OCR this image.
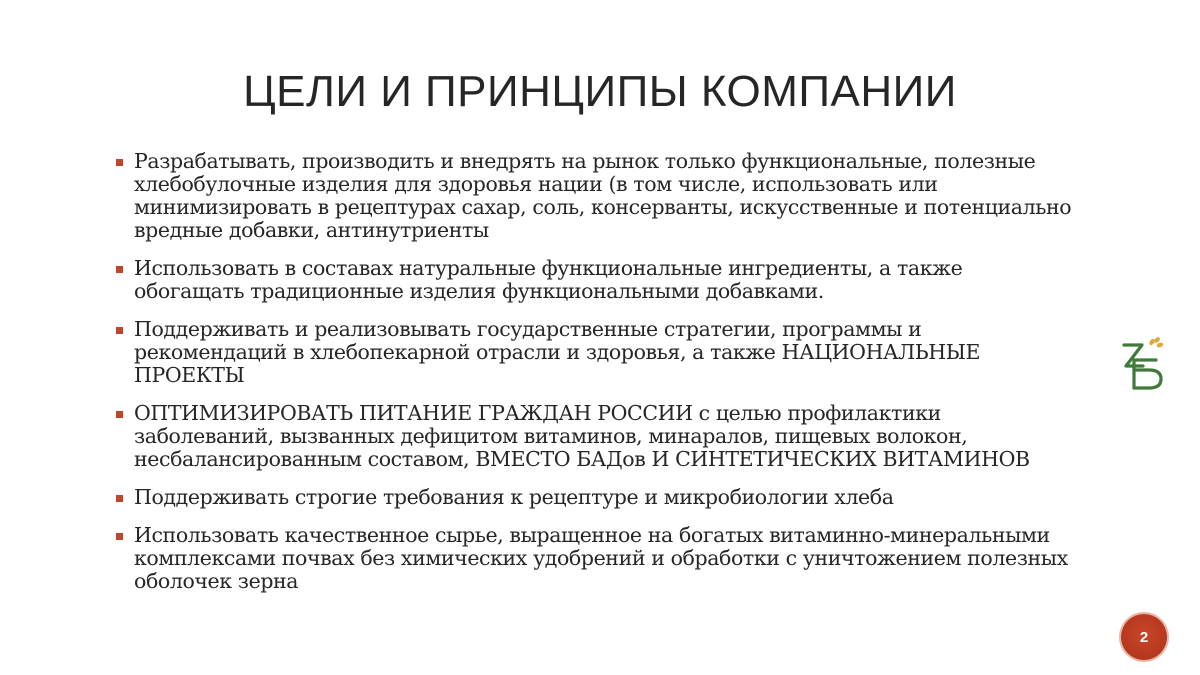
ЦЕЛИ И ПРИНЦИПЫ КОМПАНИИ
Разрабатывать, производить и внедрять на рынок только функциональные, полезные хлебобулочные изделия для здоровья нации (в том числе, использовать или минимизировать в рецептурах сахар, соль, консерванты, искусственные и потенциально вредные добавки, антинутриенты
Использовать в составах натуральные функциональные ингредиенты, а также обогащать традиционные изделия функциональными добавками.
Поддерживать и реализовывать государственные стратегии, программы и рекомендаций в хлебопекарной отрасли и здоровья, а также НАЦИОНАЛЬНЫЕ ПРОЕКТЫ
ОПТИМИЗИРОВАТЬ ПИТАНИЕ ГРАЖДАН РОССИИ с целью профилактики заболеваний, вызванных дефицитом витаминов, минаралов, пищевых волокон, несбалансированным составом, ВМЕСТО БАДов И СИНТЕТИЧЕСКИХ ВИТАМИНОВ
Поддерживать строгие требования к рецептуре и микробиологии хлеба
Использовать качественное сырье, выращенное на богатых витаминно-минеральными комплексами почвах без химических удобрений и обработки с уничтожением полезных оболочек зерна
2
